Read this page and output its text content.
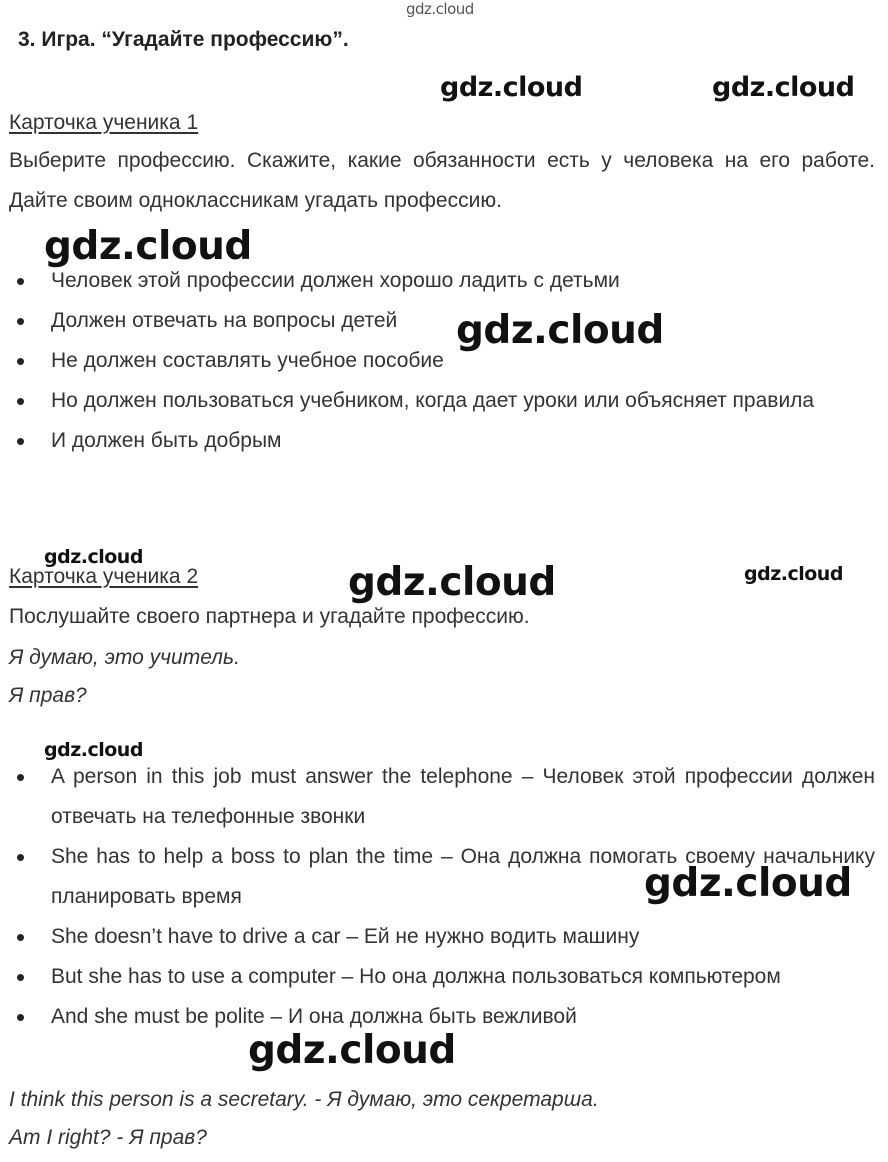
gdz.cloud
gdz.cloud	gdz.cloud
gdz.cloud
gdz.cloud
gdz.cloud
gdz.cloud	gdz.cloud
gdz.cloud
gdz.cloud
gdz.cloud
3. Игра. “Угадайте профессию”.
Карточка ученика 1
Выберите профессию. Скажите, какие обязанности есть у человека на его работе. Дайте своим одноклассникам угадать профессию.
Человек этой профессии должен хорошо ладить с детьми
Должен отвечать на вопросы детей
Не должен составлять учебное пособие
Но должен пользоваться учебником, когда дает уроки или объясняет правила
И должен быть добрым
Карточка ученика 2
Послушайте своего партнера и угадайте профессию.
Я думаю, это учитель.
Я прав?
A person in this job must answer the telephone – Человек этой профессии должен отвечать на телефонные звонки
She has to help a boss to plan the time – Она должна помогать своему начальнику планировать время
She doesn’t have to drive a car – Ей не нужно водить машину
But she has to use a computer – Но она должна пользоваться компьютером
And she must be polite – И она должна быть вежливой
I think this person is a secretary. - Я думаю, это секретарша.
Am I right? - Я прав?
